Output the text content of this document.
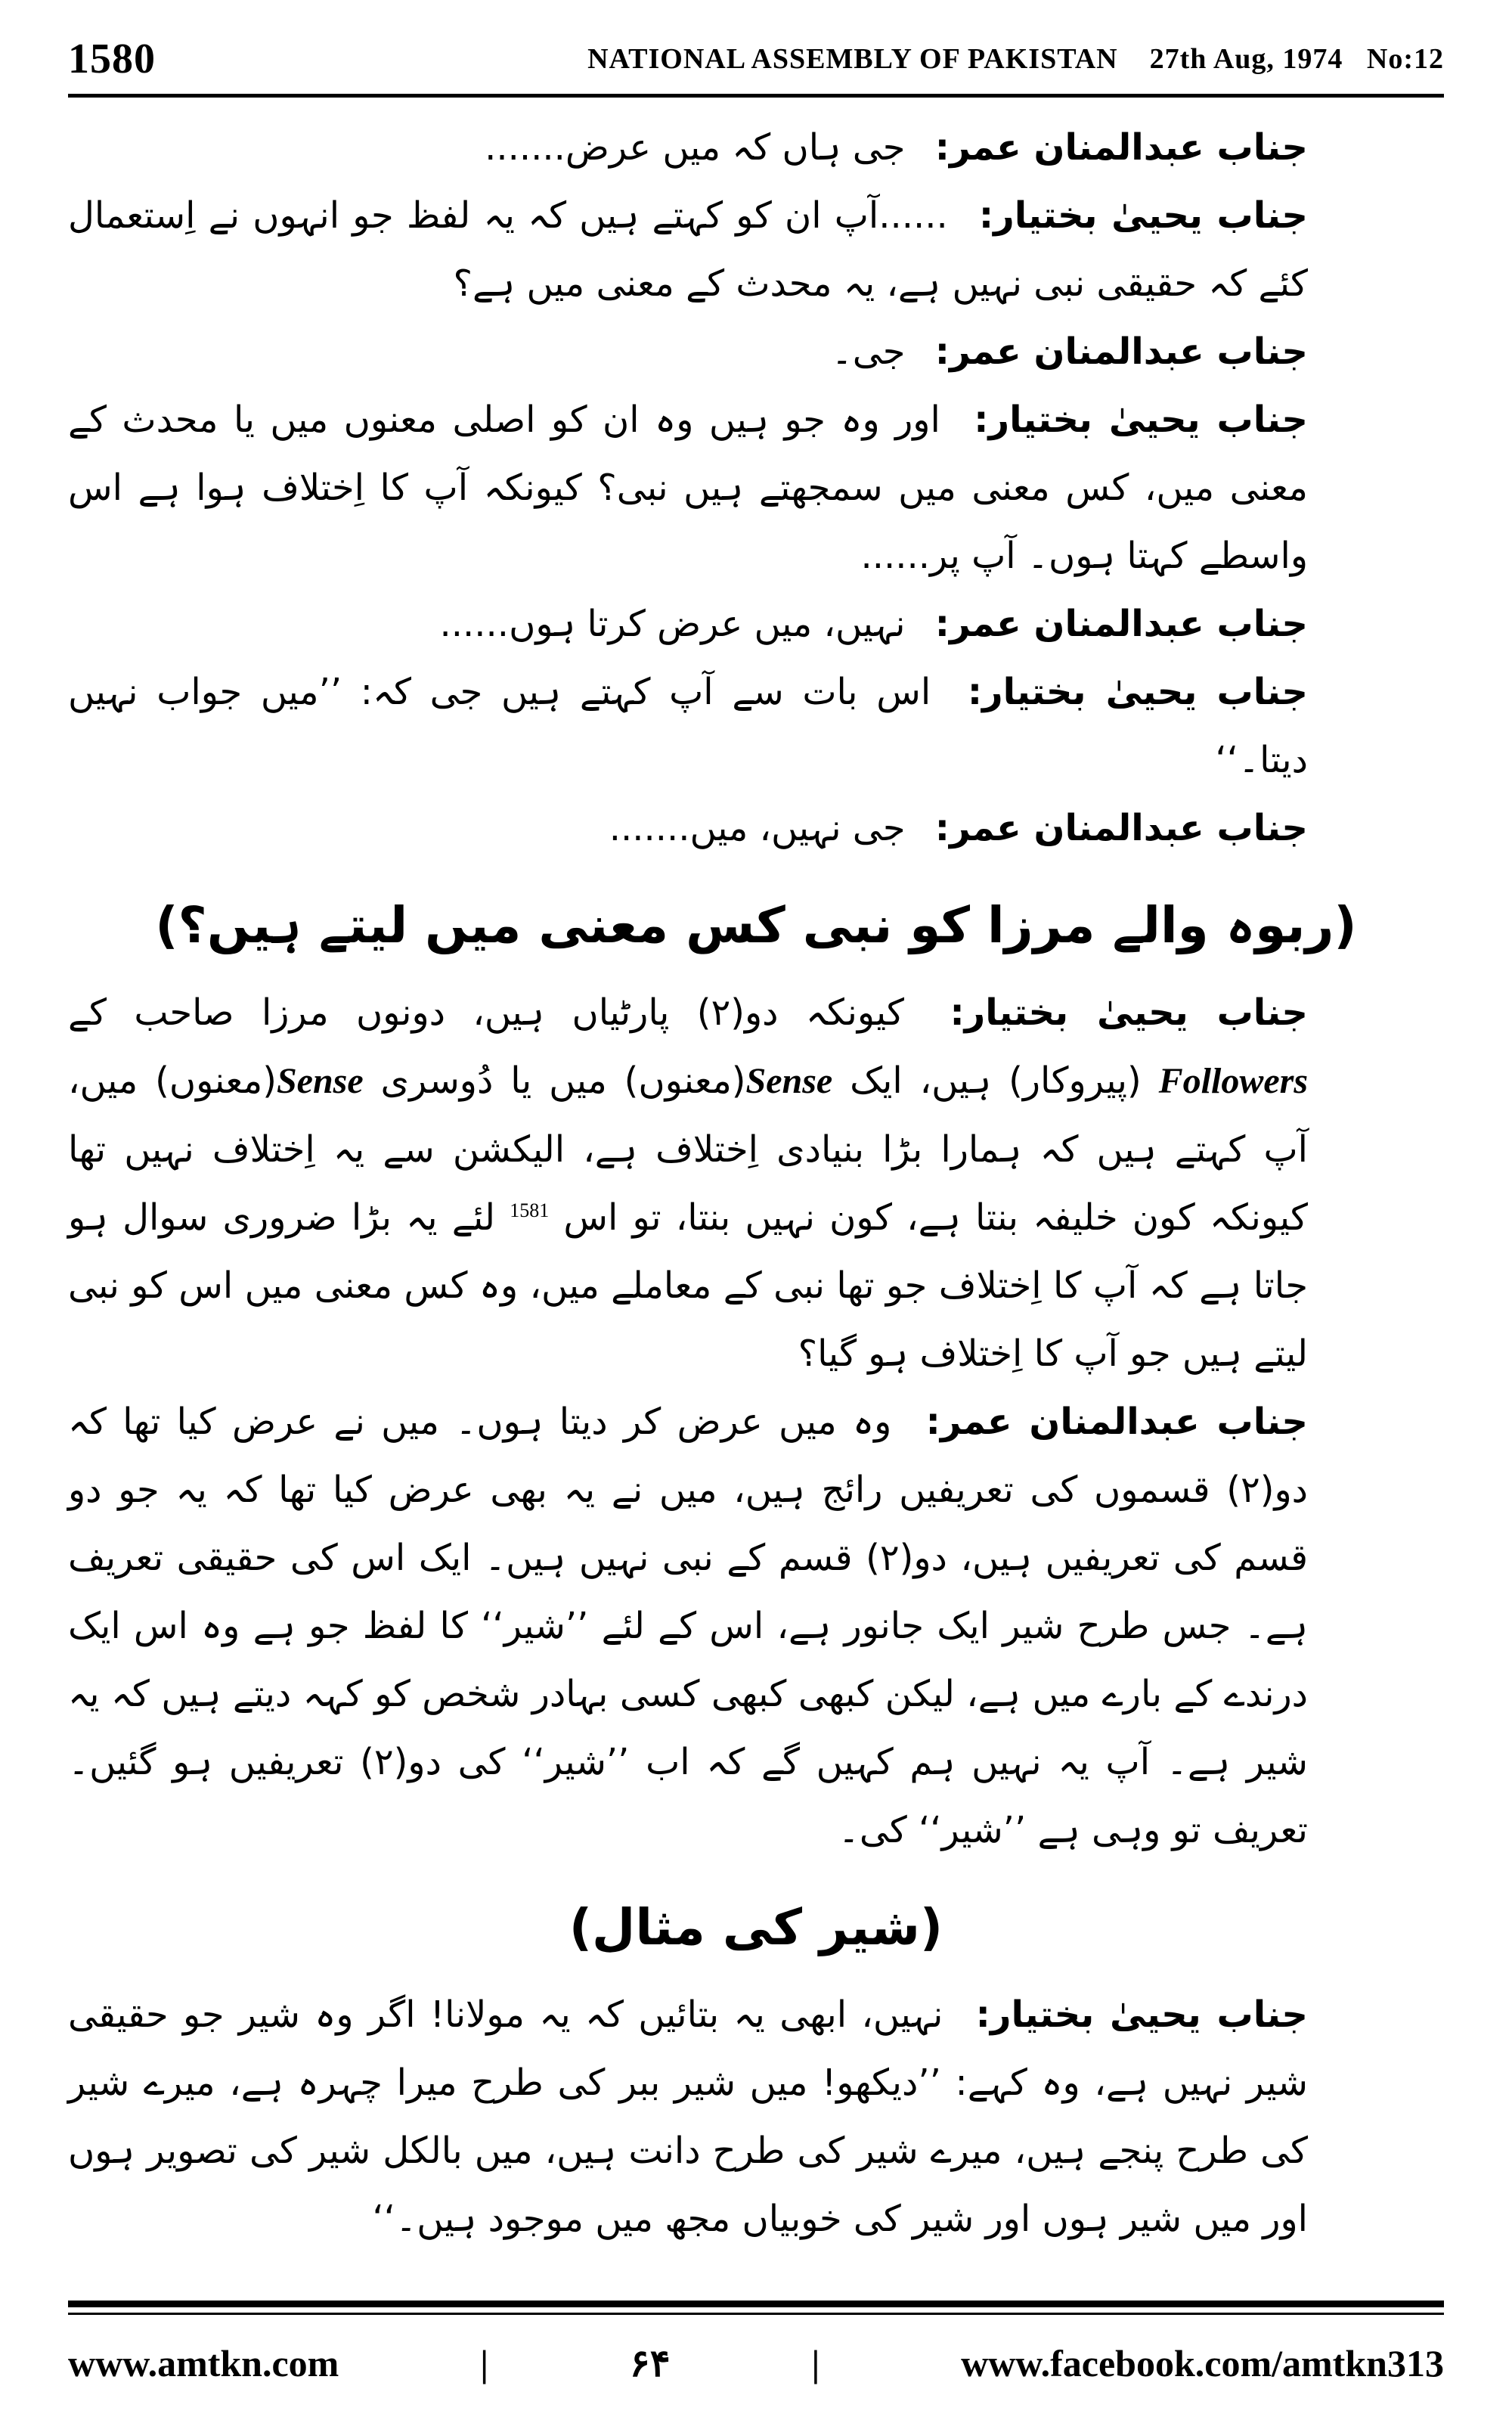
1580	NATIONAL ASSEMBLY OF PAKISTAN    27th Aug, 1974   No:12

جناب عبدالمنان عمر: جی ہاں کہ میں عرض.......

جناب یحییٰ بختیار: ......آپ ان کو کہتے ہیں کہ یہ لفظ جو انہوں نے اِستعمال کئے کہ حقیقی نبی نہیں ہے، یہ محدث کے معنی میں ہے؟

جناب عبدالمنان عمر: جی۔

جناب یحییٰ بختیار: اور وہ جو ہیں وہ ان کو اصلی معنوں میں یا محدث کے معنی میں، کس معنی میں سمجھتے ہیں نبی؟ کیونکہ آپ کا اِختلاف ہوا ہے اس واسطے کہتا ہوں۔ آپ پر......

جناب عبدالمنان عمر: نہیں، میں عرض کرتا ہوں......

جناب یحییٰ بختیار: اس بات سے آپ کہتے ہیں جی کہ: ’’میں جواب نہیں دیتا۔‘‘

جناب عبدالمنان عمر: جی نہیں، میں.......

(ربوہ والے مرزا کو نبی کس معنی میں لیتے ہیں؟)

جناب یحییٰ بختیار: کیونکہ دو(۲) پارٹیاں ہیں، دونوں مرزا صاحب کے Followers (پیروکار) ہیں، ایک Sense(معنوں) میں یا دُوسری Sense(معنوں) میں، آپ کہتے ہیں کہ ہمارا بڑا بنیادی اِختلاف ہے، الیکشن سے یہ اِختلاف نہیں تھا کیونکہ کون خلیفہ بنتا ہے، کون نہیں بنتا، تو اس $^{1581}$ لئے یہ بڑا ضروری سوال ہو جاتا ہے کہ آپ کا اِختلاف جو تھا نبی کے معاملے میں، وہ کس معنی میں اس کو نبی لیتے ہیں جو آپ کا اِختلاف ہو گیا؟

جناب عبدالمنان عمر: وہ میں عرض کر دیتا ہوں۔ میں نے عرض کیا تھا کہ دو(۲) قسموں کی تعریفیں رائج ہیں، میں نے یہ بھی عرض کیا تھا کہ یہ جو دو قسم کی تعریفیں ہیں، دو(۲) قسم کے نبی نہیں ہیں۔ ایک اس کی حقیقی تعریف ہے۔ جس طرح شیر ایک جانور ہے، اس کے لئے ’’شیر‘‘ کا لفظ جو ہے وہ اس ایک درندے کے بارے میں ہے، لیکن کبھی کبھی کسی بہادر شخص کو کہہ دیتے ہیں کہ یہ شیر ہے۔ آپ یہ نہیں ہم کہیں گے کہ اب ’’شیر‘‘ کی دو(۲) تعریفیں ہو گئیں۔ تعریف تو وہی ہے ’’شیر‘‘ کی۔

(شیر کی مثال)

جناب یحییٰ بختیار: نہیں، ابھی یہ بتائیں کہ یہ مولانا! اگر وہ شیر جو حقیقی شیر نہیں ہے، وہ کہے: ’’دیکھو! میں شیر ببر کی طرح میرا چہرہ ہے، میرے شیر کی طرح پنجے ہیں، میرے شیر کی طرح دانت ہیں، میں بالکل شیر کی تصویر ہوں اور میں شیر ہوں اور شیر کی خوبیاں مجھ میں موجود ہیں۔‘‘

www.amtkn.com	|	۶۴	|	www.facebook.com/amtkn313
